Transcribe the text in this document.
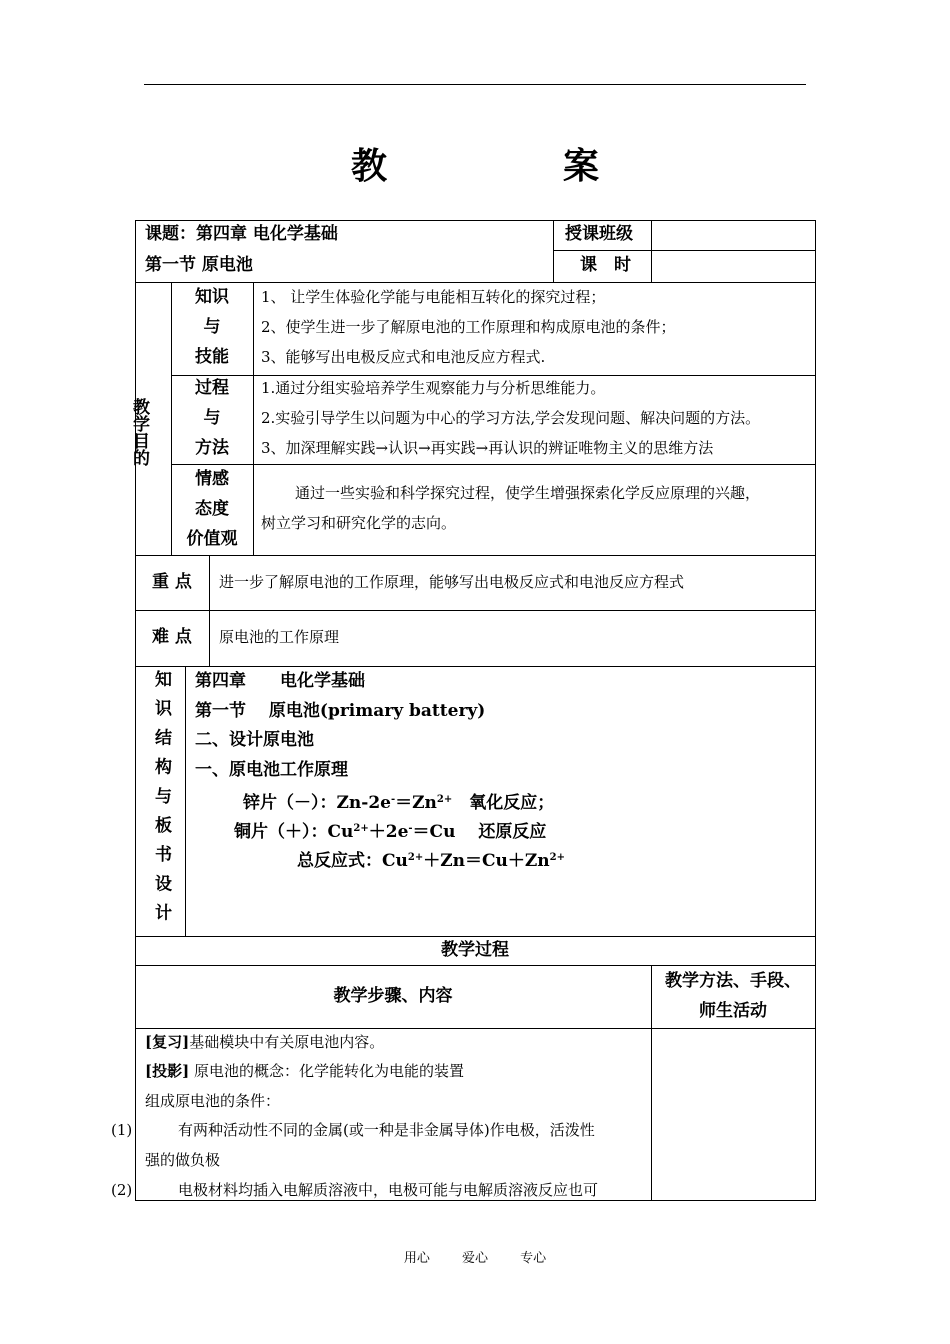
教　案
课题：第四章 电化学基础
第一节 原电池
授课班级
课　时
教学目的
知识
与
技能
1、 让学生体验化学能与电能相互转化的探究过程；
2、使学生进一步了解原电池的工作原理和构成原电池的条件；
3、能够写出电极反应式和电池反应方程式.
过程
与
方法
1.通过分组实验培养学生观察能力与分析思维能力。
2.实验引导学生以问题为中心的学习方法,学会发现问题、解决问题的方法。
3、加深理解实践→认识→再实践→再认识的辨证唯物主义的思维方法
情感
态度
价值观
通过一些实验和科学探究过程，使学生增强探索化学反应原理的兴趣，
树立学习和研究化学的志向。
重 点 进一步了解原电池的工作原理，能够写出电极反应式和电池反应方程式
难 点 原电池的工作原理
知识结构与板书设计 第四章　　电化学基础
第一节　 原电池(primary battery)
二、设计原电池
一、原电池工作原理
锌片（－）：$Zn-2e^-=Zn^{2+}$　氧化反应；
铜片（＋）：$Cu^{2+}+2e^-=Cu$　 还原反应
总反应式：$Cu^{2+}+Zn=Cu+Zn^{2+}$
教学过程
教学步骤、内容
教学方法、手段、
师生活动
[复习]基础模块中有关原电池内容。
[投影] 原电池的概念：化学能转化为电能的装置
组成原电池的条件：
(1)	有两种活动性不同的金属(或一种是非金属导体)作电极，活泼性
强的做负极
(2)	电极材料均插入电解质溶液中，电极可能与电解质溶液反应也可
用心 爱心 专心
